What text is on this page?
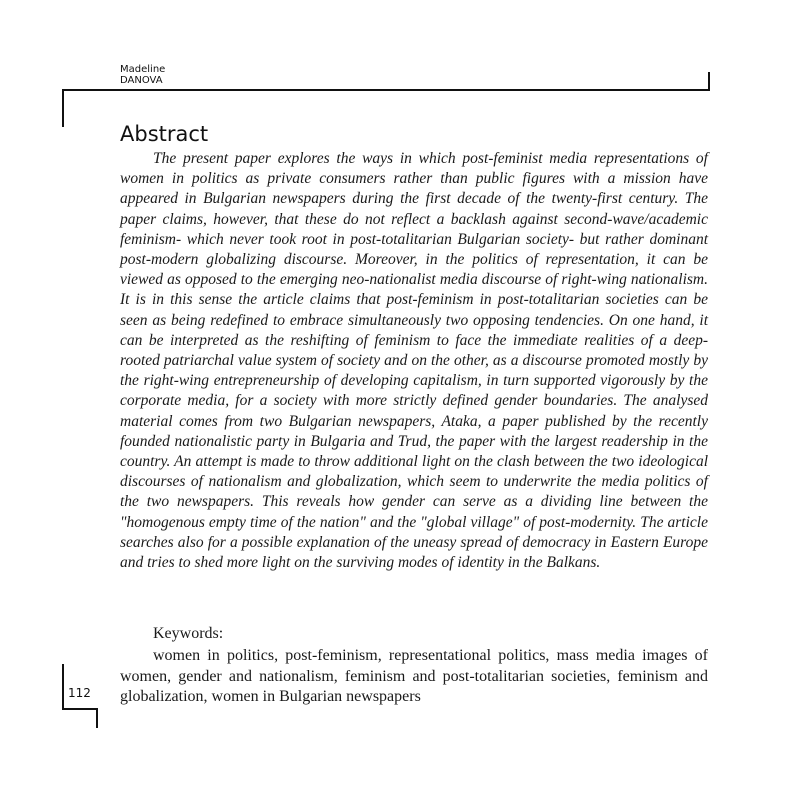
Madeline
DANOVA
Abstract

The present paper explores the ways in which post-feminist media representations of women in politics as private consumers rather than public figures with a mission have appeared in Bulgarian newspapers during the first decade of the twenty-first century. The paper claims, however, that these do not reflect a backlash against second-wave/academic feminism- which never took root in post-totalitarian Bulgarian society- but rather dominant post-modern globalizing discourse. Moreover, in the politics of representation, it can be viewed as opposed to the emerging neo-nationalist media discourse of right-wing nationalism. It is in this sense the article claims that post-feminism in post-totalitarian societies can be seen as being redefined to embrace simultaneously two opposing tendencies. On one hand, it can be interpreted as the reshifting of feminism to face the immediate realities of a deep-rooted patriarchal value system of society and on the other, as a discourse promoted mostly by the right-wing entrepreneurship of developing capitalism, in turn supported vigorously by the corporate media, for a society with more strictly defined gender boundaries. The analysed material comes from two Bulgarian newspapers, Ataka, a paper published by the recently founded nationalistic party in Bulgaria and Trud, the paper with the largest readership in the country. An attempt is made to throw additional light on the clash between the two ideological discourses of nationalism and globalization, which seem to underwrite the media politics of the two newspapers. This reveals how gender can serve as a dividing line between the "homogenous empty time of the nation" and the "global village" of post-modernity. The article searches also for a possible explanation of the uneasy spread of democracy in Eastern Europe and tries to shed more light on the surviving modes of identity in the Balkans.

Keywords:

women in politics, post-feminism, representational politics, mass media images of women, gender and nationalism, feminism and post-totalitarian societies, feminism and globalization, women in Bulgarian newspapers

112
